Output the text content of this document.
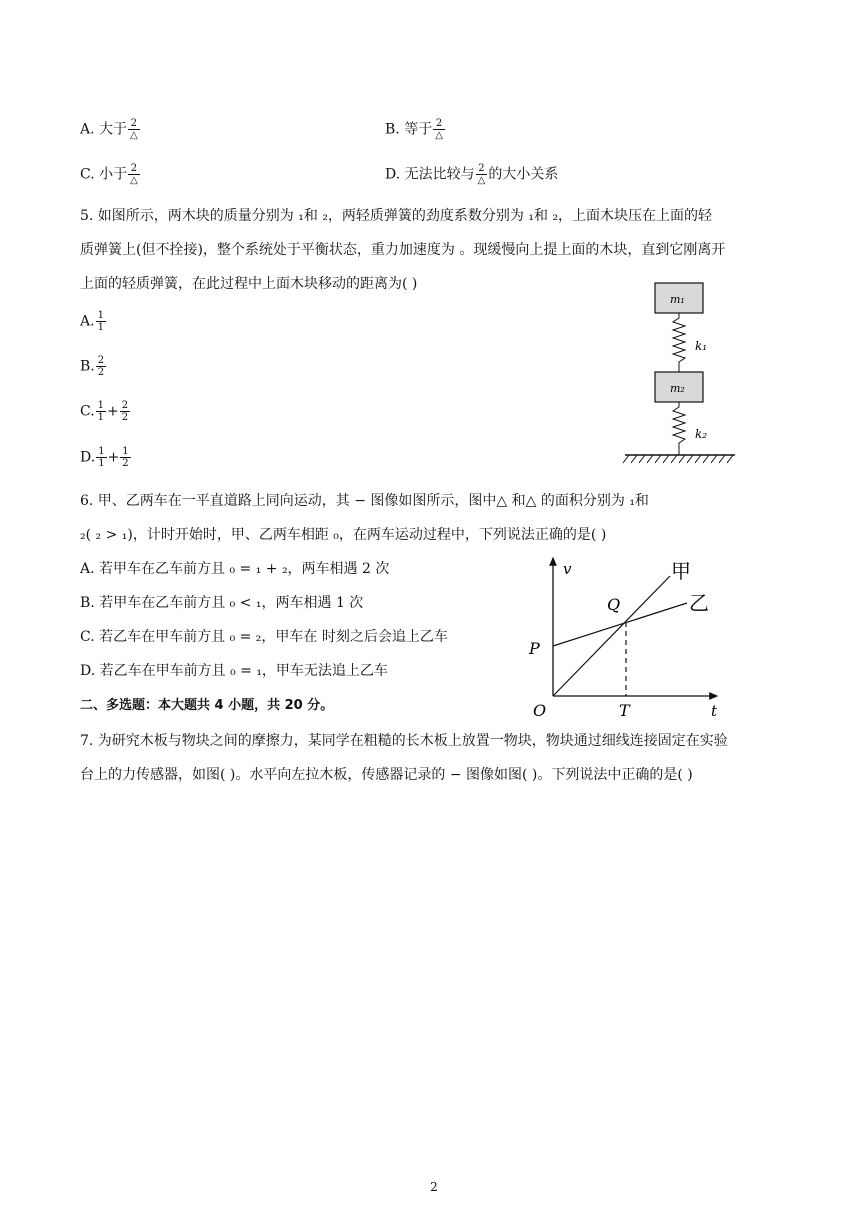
A. 大于 $\frac{2}{\triangle}$	B. 等于 $\frac{2}{\triangle}$
C. 小于 $\frac{2}{\triangle}$	D. 无法比较与 $\frac{2}{\triangle}$ 的大小关系
5. 如图所示，两木块的质量分别为 ₁和 ₂，两轻质弹簧的劲度系数分别为 ₁和 ₂，上面木块压在上面的轻
质弹簧上(但不拴接)，整个系统处于平衡状态，重力加速度为 。现缓慢向上提上面的木块，直到它刚离开
上面的轻质弹簧，在此过程中上面木块移动的距离为( )
A. $\frac{1}{1}$
B. $\frac{2}{2}$
C. $\frac{1}{1} + \frac{2}{2}$
D. $\frac{1}{1} + \frac{1}{2}$
m₁
k₁
m₂
k₂
6. 甲、乙两车在一平直道路上同向运动，其 − 图像如图所示，图中△ 和△ 的面积分别为 ₁和
₂( ₂ > ₁)，计时开始时，甲、乙两车相距 ₀，在两车运动过程中，下列说法正确的是( )
A. 若甲车在乙车前方且 ₀ = ₁ + ₂，两车相遇 2 次
B. 若甲车在乙车前方且 ₀ < ₁，两车相遇 1 次
C. 若乙车在甲车前方且 ₀ = ₂，甲车在 时刻之后会追上乙车
D. 若乙车在甲车前方且 ₀ = ₁，甲车无法追上乙车
v
t
O
P
Q
T
甲
乙
二、多选题：本大题共 4 小题，共 20 分。
7. 为研究木板与物块之间的摩擦力，某同学在粗糙的长木板上放置一物块，物块通过细线连接固定在实验
台上的力传感器，如图( )。水平向左拉木板，传感器记录的 − 图像如图( )。下列说法中正确的是( )
2
